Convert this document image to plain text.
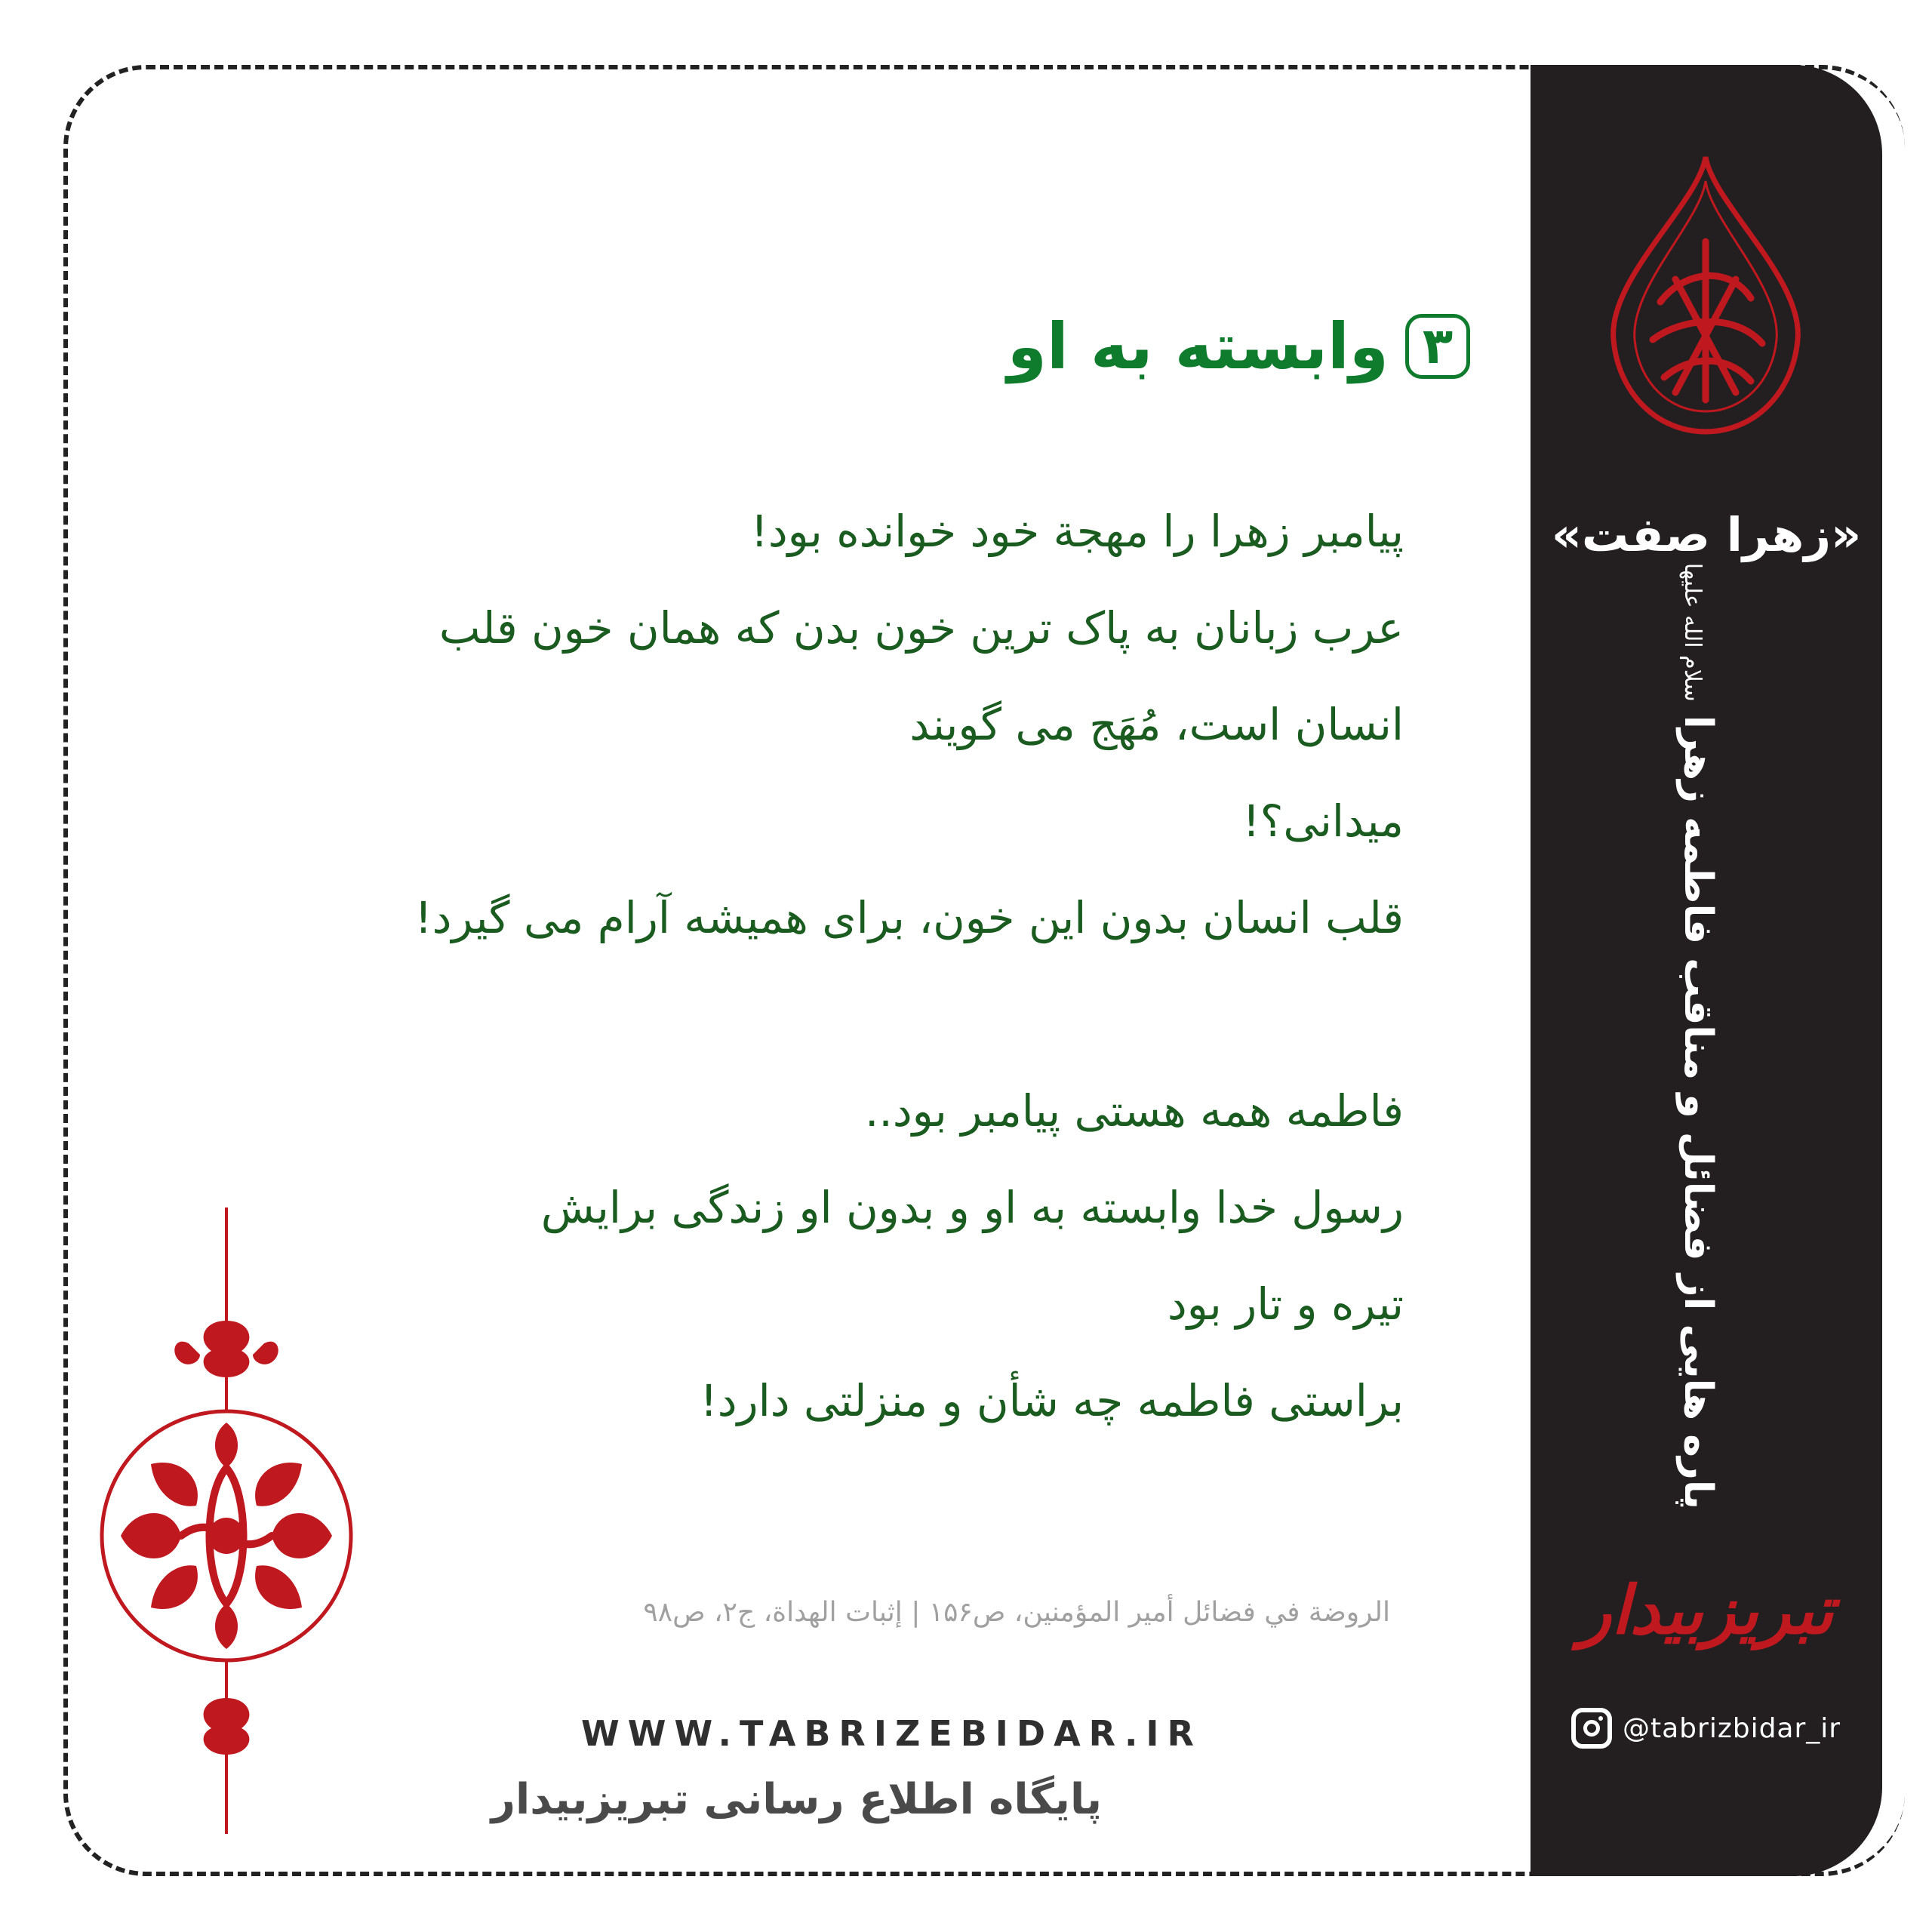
«زهرا صفت»
پاره هایی از فضائل و مناقب فاطمه زهرا سلام الله علیها
تبریزبیدار
@tabrizbidar_ir
۳
وابسته به او
پیامبر زهرا را مهجة خود خوانده بود!
عرب زبانان به پاک ترین خون بدن که همان خون قلب
انسان است، مُهَج می گویند
میدانی؟!
قلب انسان بدون این خون، برای همیشه آرام می گیرد!
فاطمه همه هستی پیامبر بود..
رسول خدا وابسته به او و بدون او زندگی برایش
تیره و تار بود
براستی فاطمه چه شأن و منزلتی دارد!
الروضة في فضائل أمير المؤمنين، ص۱۵۶ | إثبات الهداة، ج۲، ص۹۸
WWW.TABRIZEBIDAR.IR
پایگاه اطلاع رسانی تبریزبیدار
